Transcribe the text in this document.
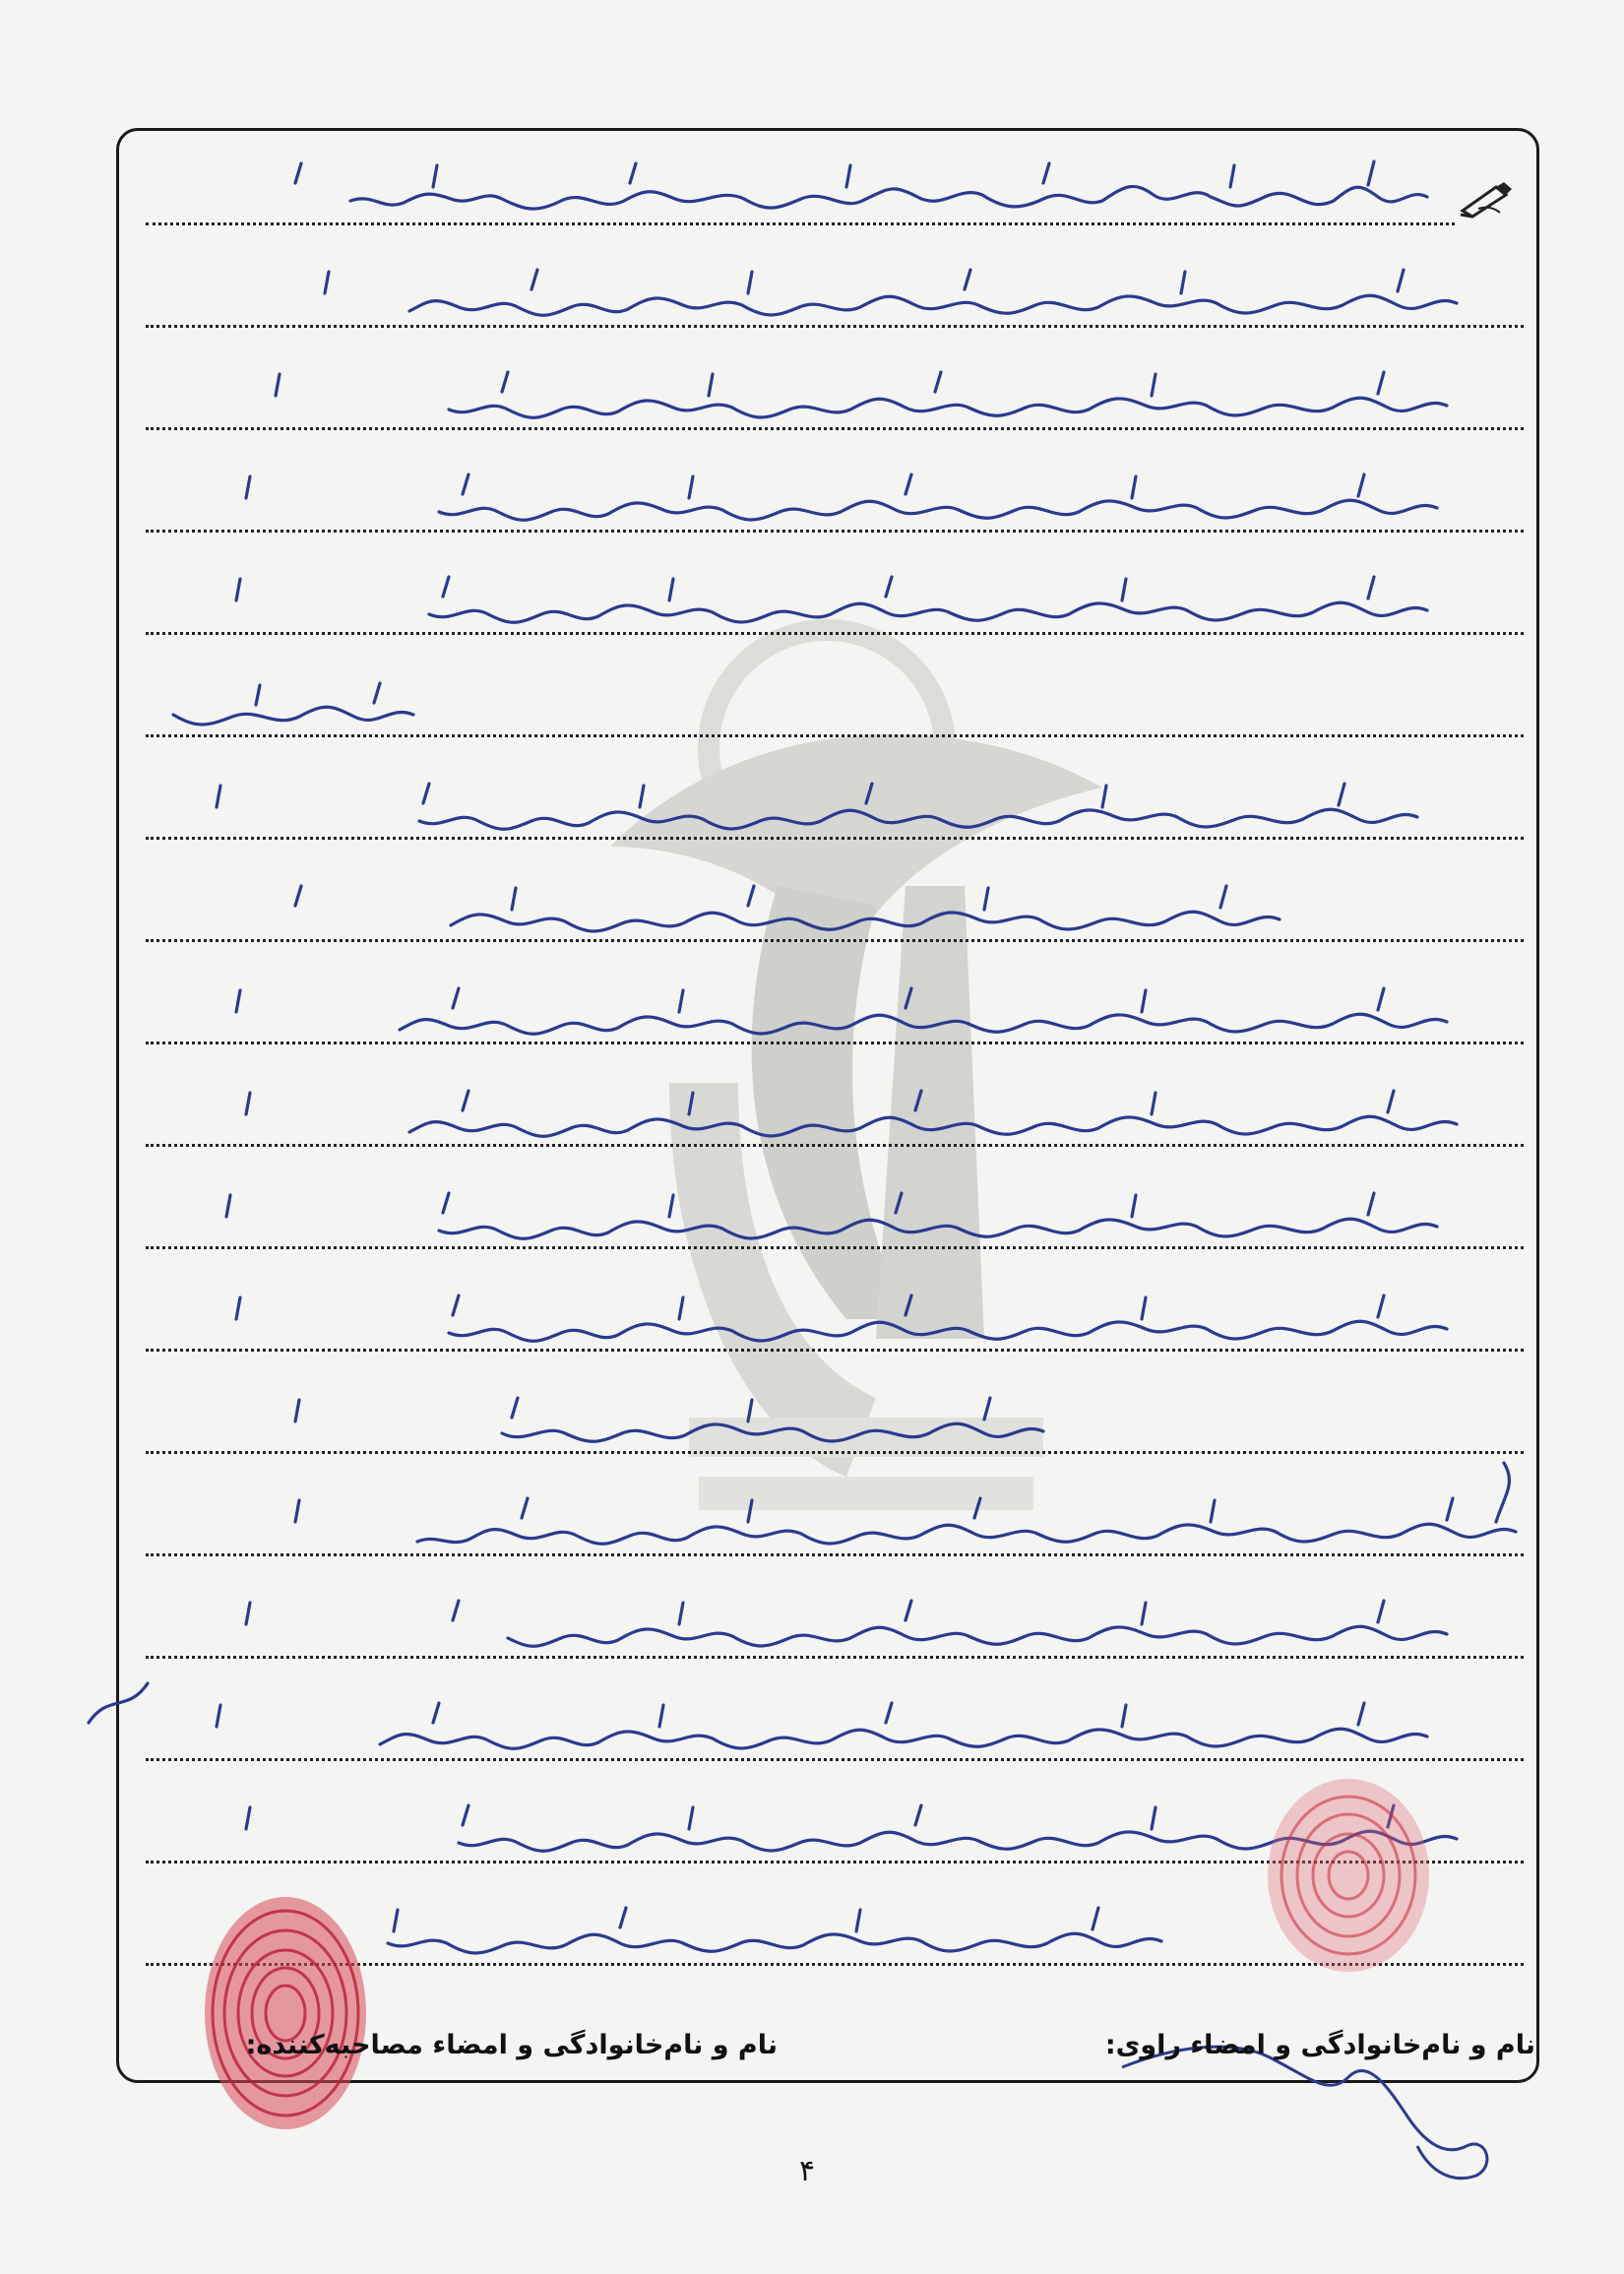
نام و نام‌خانوادگی و امضاء راوی:
نام و نام‌خانوادگی و امضاء مصاحبه‌کننده:
۴
